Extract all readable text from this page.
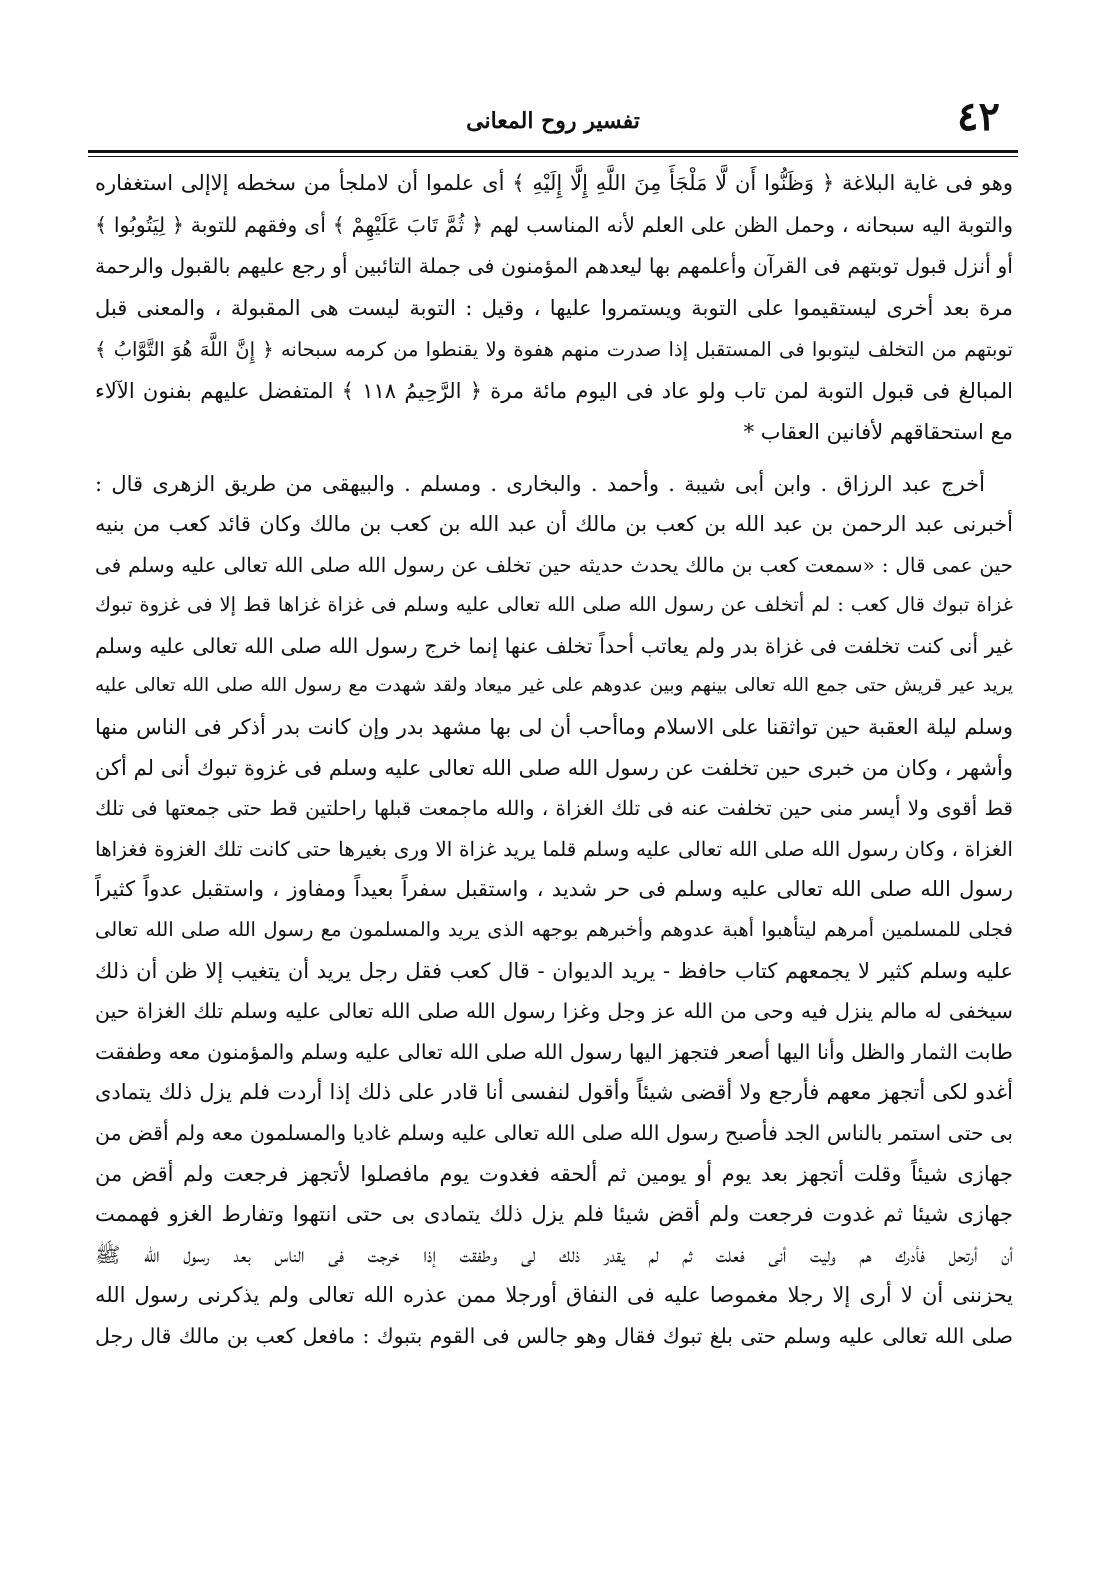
٤٢
تفسير روح المعانى
وهو فى غاية البلاغة ﴿ وَظَنُّوا أَن لَّا مَلْجَأَ مِنَ اللَّهِ إِلَّا إِلَيْهِ ﴾ أى علموا أن لاملجأ من سخطه إلاإلى استغفاره
والتوبة اليه سبحانه ، وحمل الظن على العلم لأنه المناسب لهم ﴿ ثُمَّ تَابَ عَلَيْهِمْ ﴾ أى وفقهم للتوبة ﴿ لِيَتُوبُوا ﴾
أو أنزل قبول توبتهم فى القرآن وأعلمهم بها ليعدهم المؤمنون فى جملة التائبين أو رجع عليهم بالقبول والرحمة
مرة بعد أخرى ليستقيموا على التوبة ويستمروا عليها ، وقيل : التوبة ليست هى المقبولة ، والمعنى قبل
توبتهم من التخلف ليتوبوا فى المستقبل إذا صدرت منهم هفوة ولا يقنطوا من كرمه سبحانه ﴿ إِنَّ اللَّهَ هُوَ التَّوَّابُ ﴾
المبالغ فى قبول التوبة لمن تاب ولو عاد فى اليوم مائة مرة ﴿ الرَّحِيمُ ١١٨ ﴾ المتفضل عليهم بفنون الآلاء
مع استحقاقهم لأفانين العقاب *
أخرج عبد الرزاق . وابن أبى شيبة . وأحمد . والبخارى . ومسلم . والبيهقى من طريق الزهرى قال :
أخبرنى عبد الرحمن بن عبد الله بن كعب بن مالك أن عبد الله بن كعب بن مالك وكان قائد كعب من بنيه
حين عمى قال : «سمعت كعب بن مالك يحدث حديثه حين تخلف عن رسول الله صلى الله تعالى عليه وسلم فى
غزاة تبوك قال كعب : لم أتخلف عن رسول الله صلى الله تعالى عليه وسلم فى غزاة غزاها قط إلا فى غزوة تبوك
غير أنى كنت تخلفت فى غزاة بدر ولم يعاتب أحداً تخلف عنها إنما خرج رسول الله صلى الله تعالى عليه وسلم
يريد عير قريش حتى جمع الله تعالى بينهم وبين عدوهم على غير ميعاد ولقد شهدت مع رسول الله صلى الله تعالى عليه
وسلم ليلة العقبة حين تواثقنا على الاسلام وماأحب أن لى بها مشهد بدر وإن كانت بدر أذكر فى الناس منها
وأشهر ، وكان من خبرى حين تخلفت عن رسول الله صلى الله تعالى عليه وسلم فى غزوة تبوك أنى لم أكن
قط أقوى ولا أيسر منى حين تخلفت عنه فى تلك الغزاة ، والله ماجمعت قبلها راحلتين قط حتى جمعتها فى تلك
الغزاة ، وكان رسول الله صلى الله تعالى عليه وسلم قلما يريد غزاة الا ورى بغيرها حتى كانت تلك الغزوة فغزاها
رسول الله صلى الله تعالى عليه وسلم فى حر شديد ، واستقبل سفراً بعيداً ومفاوز ، واستقبل عدواً كثيراً
فجلى للمسلمين أمرهم ليتأهبوا أهبة عدوهم وأخبرهم بوجهه الذى يريد والمسلمون مع رسول الله صلى الله تعالى
عليه وسلم كثير لا يجمعهم كتاب حافظ - يريد الديوان - قال كعب فقل رجل يريد أن يتغيب إلا ظن أن ذلك
سيخفى له مالم ينزل فيه وحى من الله عز وجل وغزا رسول الله صلى الله تعالى عليه وسلم تلك الغزاة حين
طابت الثمار والظل وأنا اليها أصعر فتجهز اليها رسول الله صلى الله تعالى عليه وسلم والمؤمنون معه وطفقت
أغدو لكى أتجهز معهم فأرجع ولا أقضى شيئاً وأقول لنفسى أنا قادر على ذلك إذا أردت فلم يزل ذلك يتمادى
بى حتى استمر بالناس الجد فأصبح رسول الله صلى الله تعالى عليه وسلم غاديا والمسلمون معه ولم أقض من
جهازى شيئاً وقلت أتجهز بعد يوم أو يومين ثم ألحقه فغدوت يوم مافصلوا لأتجهز فرجعت ولم أقض من
جهازى شيئا ثم غدوت فرجعت ولم أقض شيئا فلم يزل ذلك يتمادى بى حتى انتهوا وتفارط الغزو فهممت
أن أرتحل فأدرك هم وليت أنى فعلت ثم لم يقدر ذلك لى وطفقت إذا خرجت فى الناس بعد رسول الله ﷺ
يحزننى أن لا أرى إلا رجلا مغموصا عليه فى النفاق أورجلا ممن عذره الله تعالى ولم يذكرنى رسول الله
صلى الله تعالى عليه وسلم حتى بلغ تبوك فقال وهو جالس فى القوم بتبوك : مافعل كعب بن مالك قال رجل
